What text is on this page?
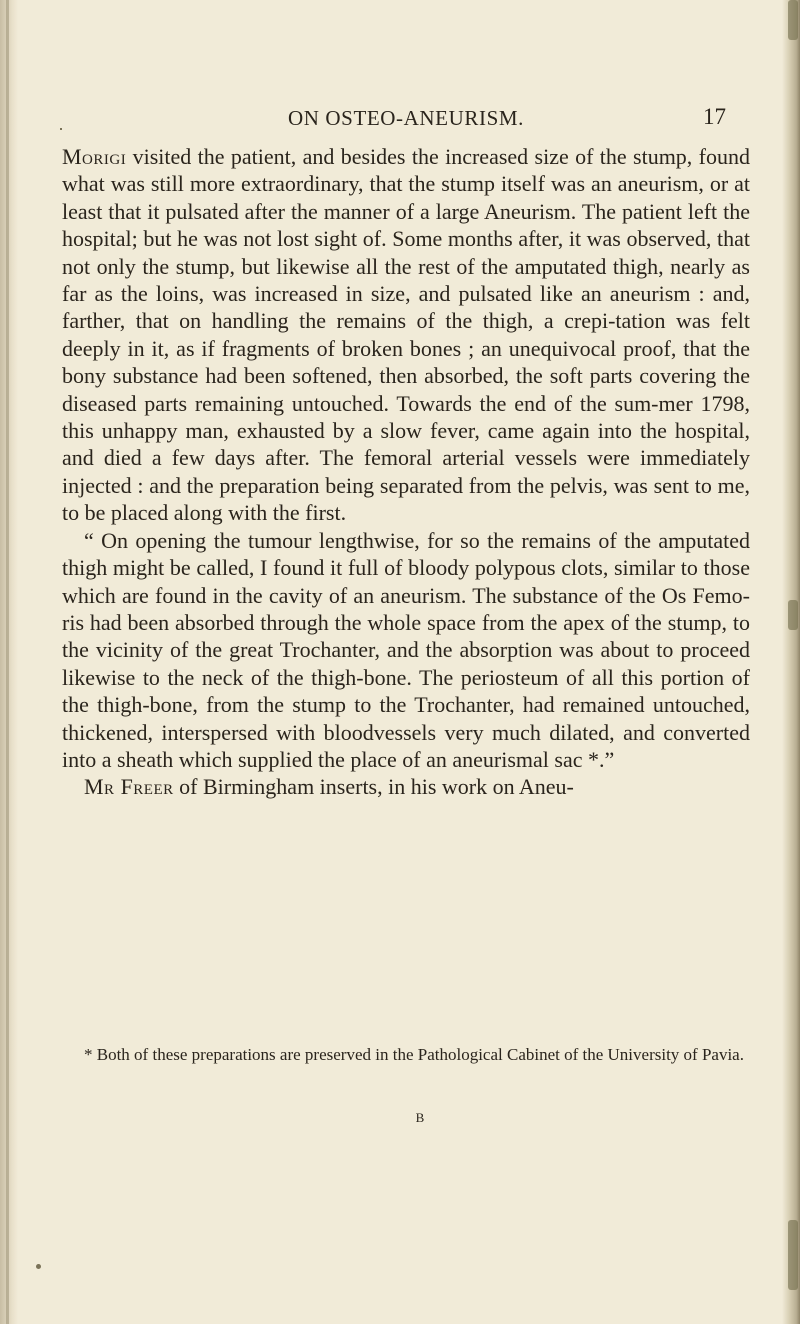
ON OSTEO-ANEURISM.	17

Morigi visited the patient, and besides the increased size of the stump, found what was still more extraordinary, that the stump itself was an aneurism, or at least that it pulsated after the manner of a large Aneurism. The patient left the hospital; but he was not lost sight of. Some months after, it was observed, that not only the stump, but likewise all the rest of the amputated thigh, nearly as far as the loins, was increased in size, and pulsated like an aneurism : and, farther, that on handling the remains of the thigh, a crepi-tation was felt deeply in it, as if fragments of broken bones ; an unequivocal proof, that the bony substance had been softened, then absorbed, the soft parts covering the diseased parts remaining untouched. Towards the end of the sum-mer 1798, this unhappy man, exhausted by a slow fever, came again into the hospital, and died a few days after. The femoral arterial vessels were immediately injected : and the preparation being separated from the pelvis, was sent to me, to be placed along with the first.

“ On opening the tumour lengthwise, for so the remains of the amputated thigh might be called, I found it full of bloody polypous clots, similar to those which are found in the cavity of an aneurism. The substance of the Os Femo-ris had been absorbed through the whole space from the apex of the stump, to the vicinity of the great Trochanter, and the absorption was about to proceed likewise to the neck of the thigh-bone. The periosteum of all this portion of the thigh-bone, from the stump to the Trochanter, had remained untouched, thickened, interspersed with bloodvessels very much dilated, and converted into a sheath which supplied the place of an aneurismal sac *.”

Mr Freer of Birmingham inserts, in his work on Aneu-

* Both of these preparations are preserved in the Pathological Cabinet of the University of Pavia.

B
